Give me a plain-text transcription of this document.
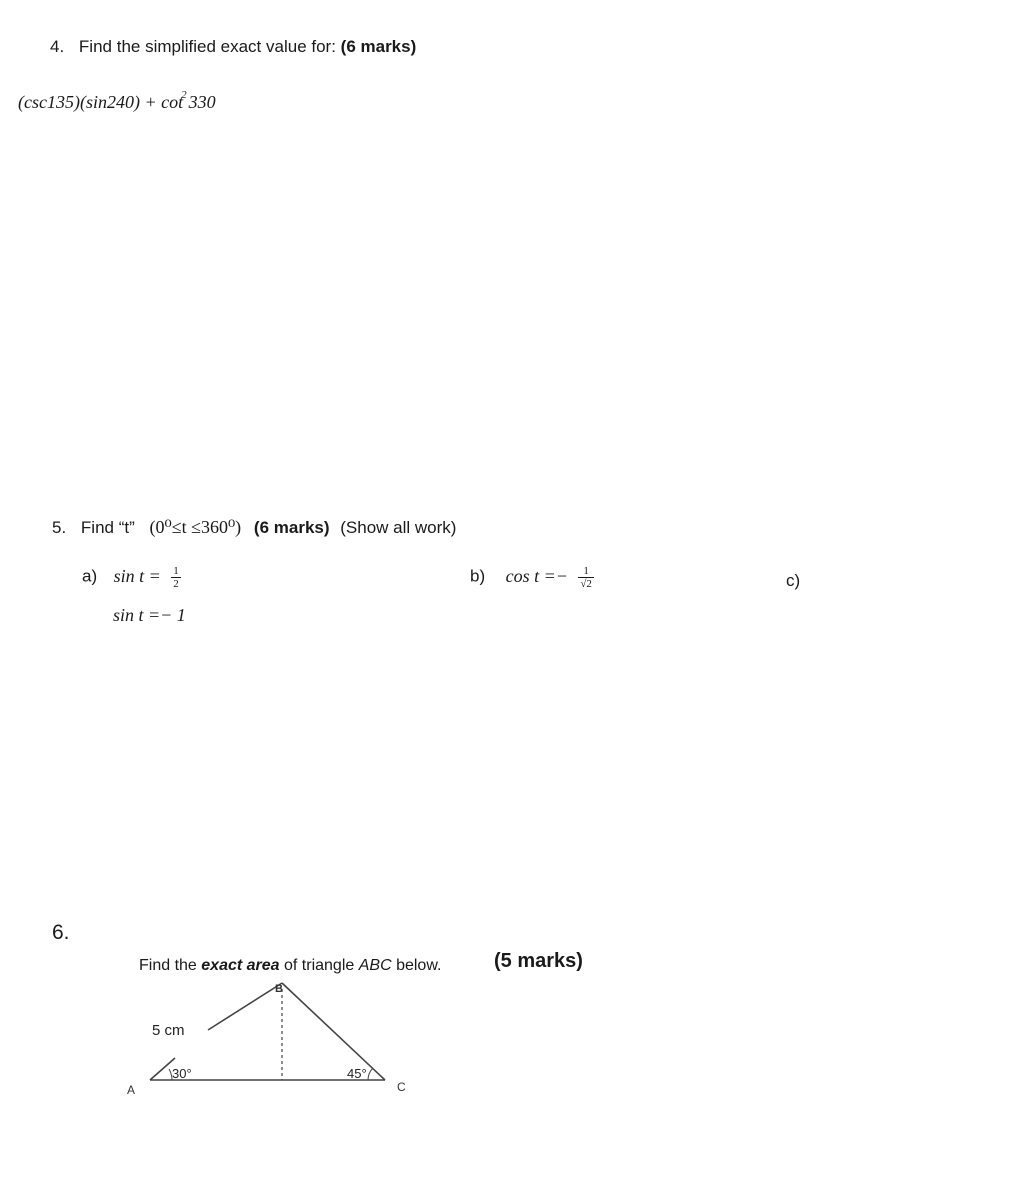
4. Find the simplified exact value for: (6 marks)
$(\csc 135)(\sin 240) + \cot^2 330$
5. Find “t” (0⁰≤t ≤360⁰) (6 marks) (Show all work)
a) $\sin t = \frac{1}{2}$
sin t =− 1
b) $\cos t =- \frac{1}{√2}$	c)
6.
Find the exact area of triangle ABC below.	(5 marks)
B
A	C
5 cm
30°	45°
